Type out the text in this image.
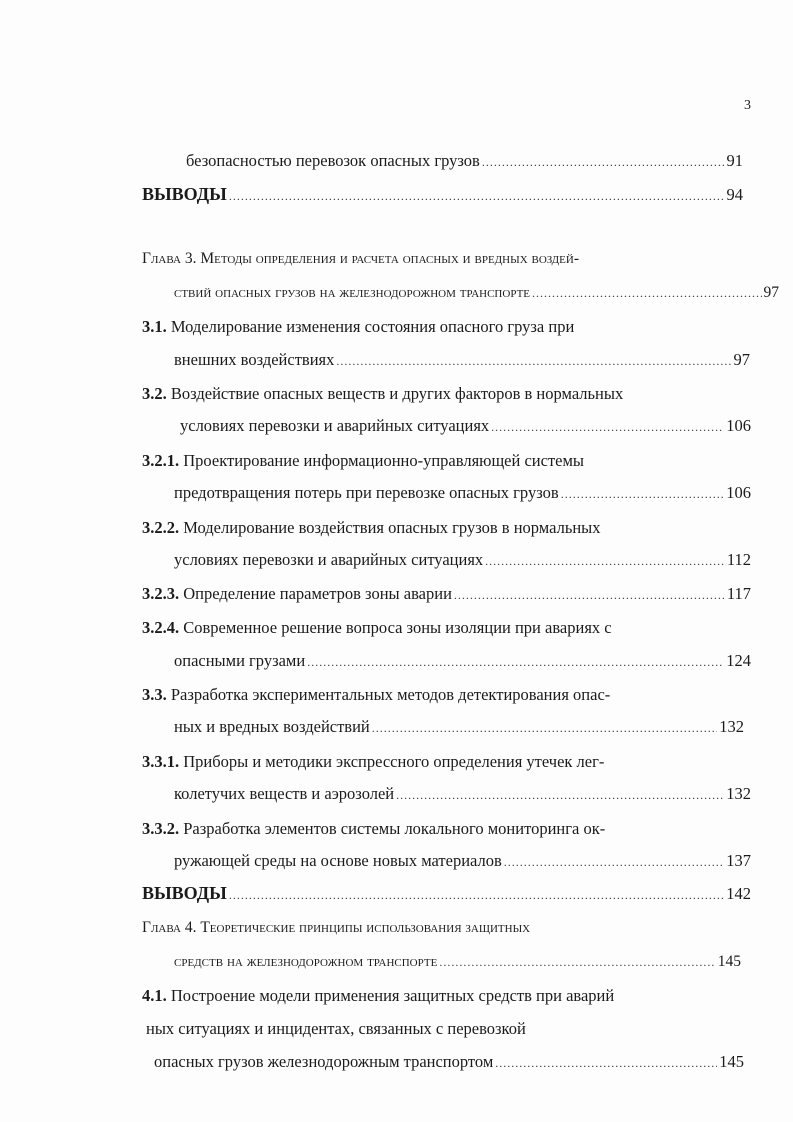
3
безопасностью перевозок опасных грузов .....	91
ВЫВОДЫ .....	94
Глава 3. Методы определения и расчета опасных и вредных воздей-
ствий опасных грузов на железнодорожном транспорте .....	97
3.1. Моделирование изменения состояния опасного груза при
внешних воздействиях .....	97
3.2. Воздействие опасных веществ и других факторов в нормальных
условиях перевозки и аварийных ситуациях .....	106
3.2.1. Проектирование информационно-управляющей системы
предотвращения потерь при перевозке опасных грузов .....	106
3.2.2. Моделирование воздействия опасных грузов в нормальных
условиях перевозки и аварийных ситуациях .....	112
3.2.3. Определение параметров зоны аварии .....	117
3.2.4. Современное решение вопроса зоны изоляции при авариях с
опасными грузами .....	124
3.3. Разработка экспериментальных методов детектирования опас-
ных и вредных воздействий .....	132
3.3.1. Приборы и методики экспрессного определения утечек лег-
колетучих веществ и аэрозолей .....	132
3.3.2. Разработка элементов системы локального мониторинга ок-
ружающей среды на основе новых материалов .....	137
ВЫВОДЫ .....	142
Глава 4. Теоретические принципы использования защитных
средств на железнодорожном транспорте .....	145
4.1. Построение модели применения защитных средств при аварий
ных ситуациях и инцидентах, связанных с перевозкой
опасных грузов железнодорожным транспортом .....	145
